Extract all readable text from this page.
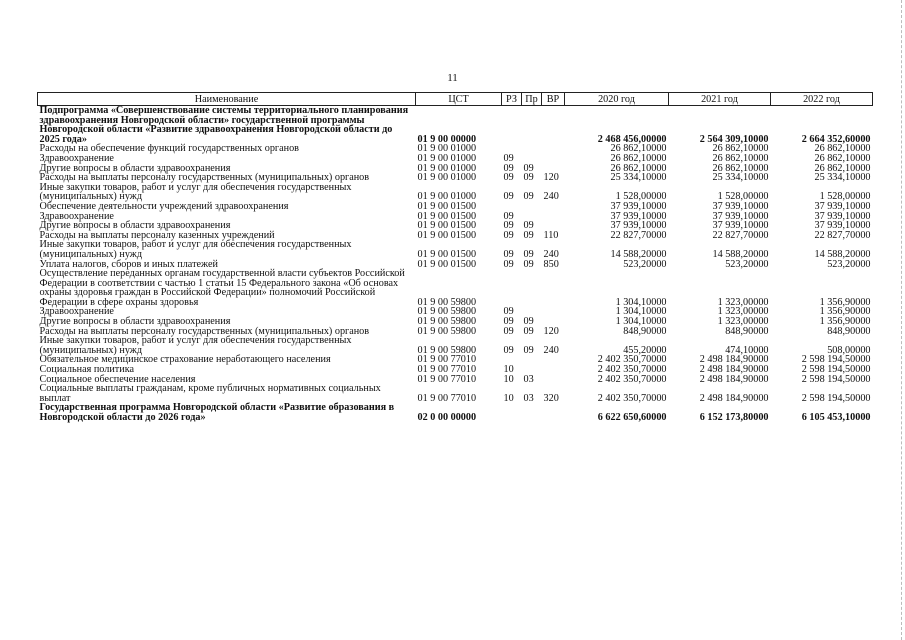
11
Наименование	ЦСТ	РЗ	Пр	ВР	2020 год	2021 год	2022 год
Подпрограмма «Совершенствование системы территориального планирования здравоохранения Новгородской области» государственной программы Новгородской области «Развитие здравоохранения Новгородской области до 2025 года»	01 9 00 00000				2 468 456,00000	2 564 309,10000	2 664 352,60000
Расходы на обеспечение функций государственных органов	01 9 00 01000				26 862,10000	26 862,10000	26 862,10000
Здравоохранение	01 9 00 01000	09			26 862,10000	26 862,10000	26 862,10000
Другие вопросы в области здравоохранения	01 9 00 01000	09	09		26 862,10000	26 862,10000	26 862,10000
Расходы на выплаты персоналу государственных (муниципальных) органов	01 9 00 01000	09	09	120	25 334,10000	25 334,10000	25 334,10000
Иные закупки товаров, работ и услуг для обеспечения государственных (муниципальных) нужд	01 9 00 01000	09	09	240	1 528,00000	1 528,00000	1 528,00000
Обеспечение деятельности учреждений здравоохранения	01 9 00 01500				37 939,10000	37 939,10000	37 939,10000
Здравоохранение	01 9 00 01500	09			37 939,10000	37 939,10000	37 939,10000
Другие вопросы в области здравоохранения	01 9 00 01500	09	09		37 939,10000	37 939,10000	37 939,10000
Расходы на выплаты персоналу казенных учреждений	01 9 00 01500	09	09	110	22 827,70000	22 827,70000	22 827,70000
Иные закупки товаров, работ и услуг для обеспечения государственных (муниципальных) нужд	01 9 00 01500	09	09	240	14 588,20000	14 588,20000	14 588,20000
Уплата налогов, сборов и иных платежей	01 9 00 01500	09	09	850	523,20000	523,20000	523,20000
Осуществление переданных органам государственной власти субъектов Российской Федерации в соответствии с частью 1 статьи 15 Федерального закона «Об основах охраны здоровья граждан в Российской Федерации» полномочий Российской Федерации в сфере охраны здоровья	01 9 00 59800				1 304,10000	1 323,00000	1 356,90000
Здравоохранение	01 9 00 59800	09			1 304,10000	1 323,00000	1 356,90000
Другие вопросы в области здравоохранения	01 9 00 59800	09	09		1 304,10000	1 323,00000	1 356,90000
Расходы на выплаты персоналу государственных (муниципальных) органов	01 9 00 59800	09	09	120	848,90000	848,90000	848,90000
Иные закупки товаров, работ и услуг для обеспечения государственных (муниципальных) нужд	01 9 00 59800	09	09	240	455,20000	474,10000	508,00000
Обязательное медицинское страхование неработающего населения	01 9 00 77010				2 402 350,70000	2 498 184,90000	2 598 194,50000
Социальная политика	01 9 00 77010	10			2 402 350,70000	2 498 184,90000	2 598 194,50000
Социальное обеспечение населения	01 9 00 77010	10	03		2 402 350,70000	2 498 184,90000	2 598 194,50000
Социальные выплаты гражданам, кроме публичных нормативных социальных выплат	01 9 00 77010	10	03	320	2 402 350,70000	2 498 184,90000	2 598 194,50000
Государственная программа Новгородской области «Развитие образования в Новгородской области до 2026 года»	02 0 00 00000				6 622 650,60000	6 152 173,80000	6 105 453,10000
